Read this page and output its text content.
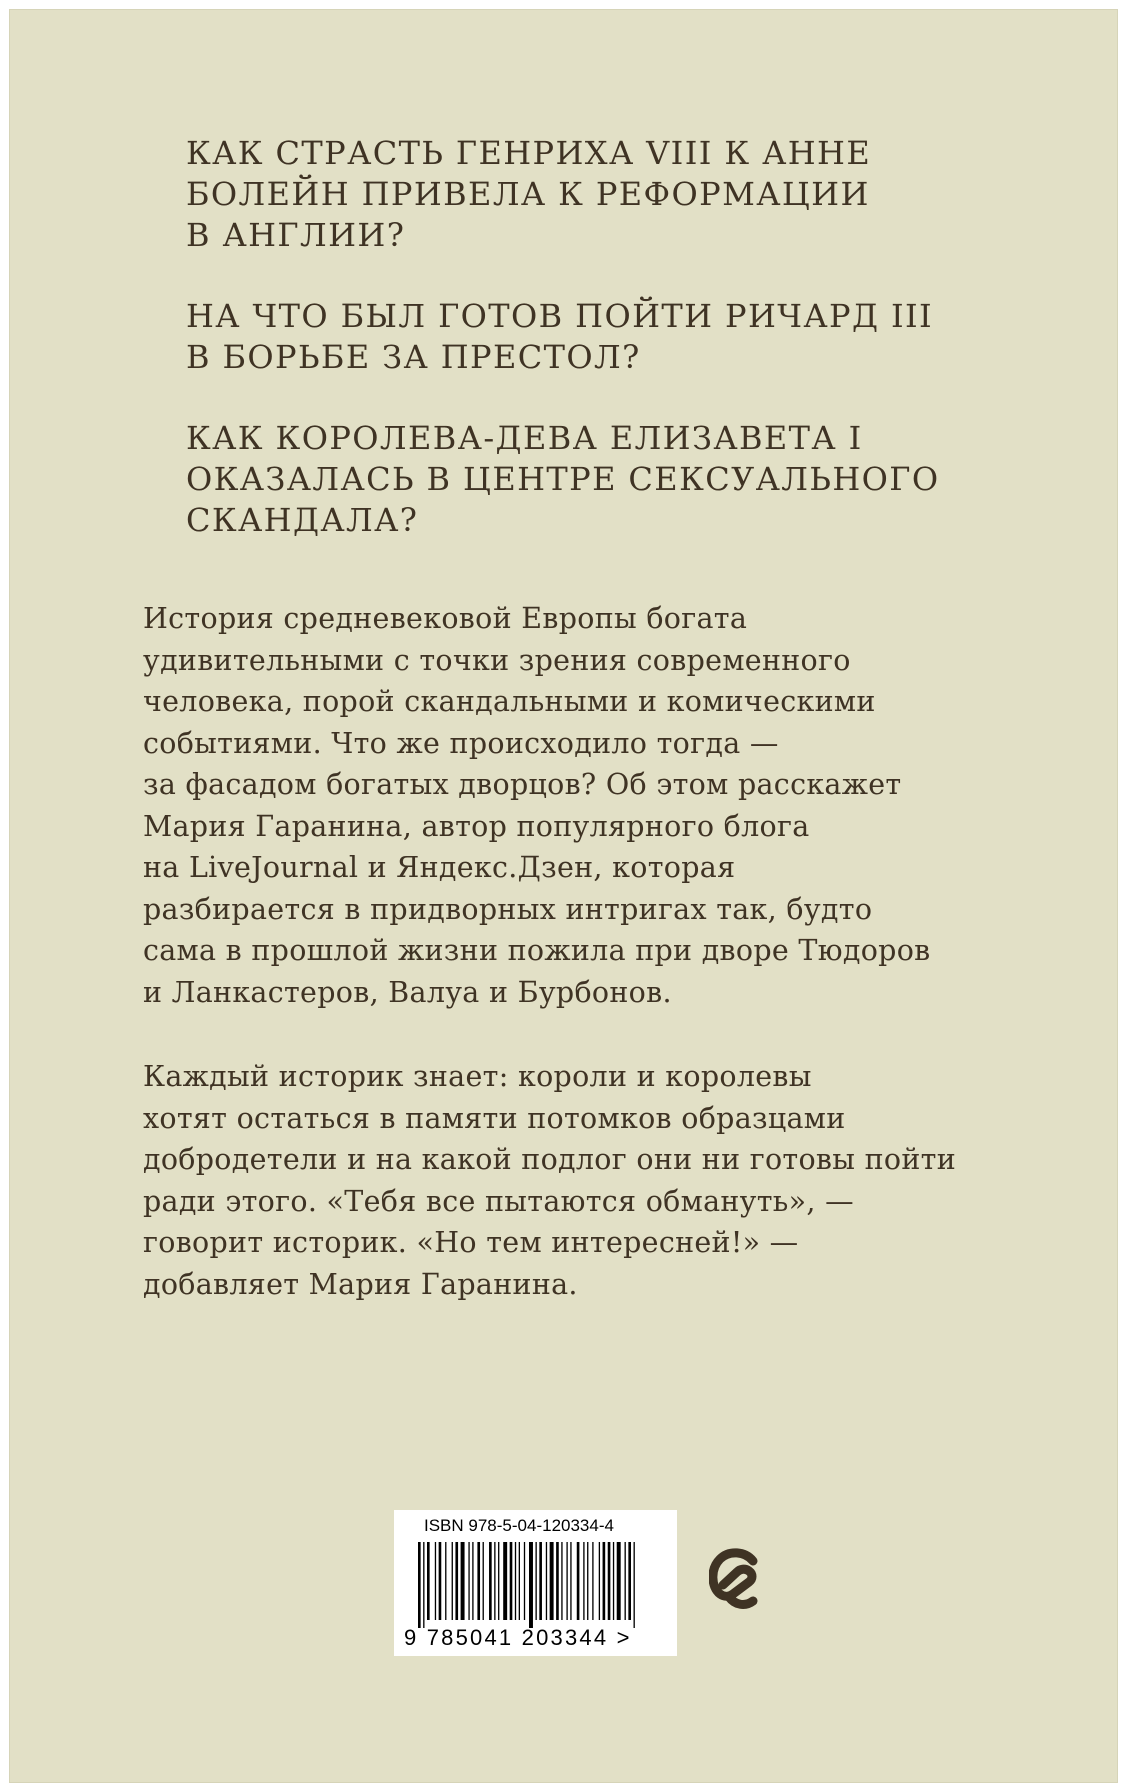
КАК СТРАСТЬ ГЕНРИХА VIII К АННЕ
БОЛЕЙН ПРИВЕЛА К РЕФОРМАЦИИ
В АНГЛИИ?
НА ЧТО БЫЛ ГОТОВ ПОЙТИ РИЧАРД III
В БОРЬБЕ ЗА ПРЕСТОЛ?
КАК КОРОЛЕВА-ДЕВА ЕЛИЗАВЕТА I
ОКАЗАЛАСЬ В ЦЕНТРЕ СЕКСУАЛЬНОГО
СКАНДАЛА?
История средневековой Европы богата
удивительными с точки зрения современного
человека, порой скандальными и комическими
событиями. Что же происходило тогда —
за фасадом богатых дворцов? Об этом расскажет
Мария Гаранина, автор популярного блога
на LiveJournal и Яндекс.Дзен, которая
разбирается в придворных интригах так, будто
сама в прошлой жизни пожила при дворе Тюдоров
и Ланкастеров, Валуа и Бурбонов.
Каждый историк знает: короли и королевы
хотят остаться в памяти потомков образцами
добродетели и на какой подлог они ни готовы пойти
ради этого. «Тебя все пытаются обмануть», —
говорит историк. «Но тем интересней!» —
добавляет Мария Гаранина.
ISBN 978-5-04-120334-4
9 785041 203344 >
